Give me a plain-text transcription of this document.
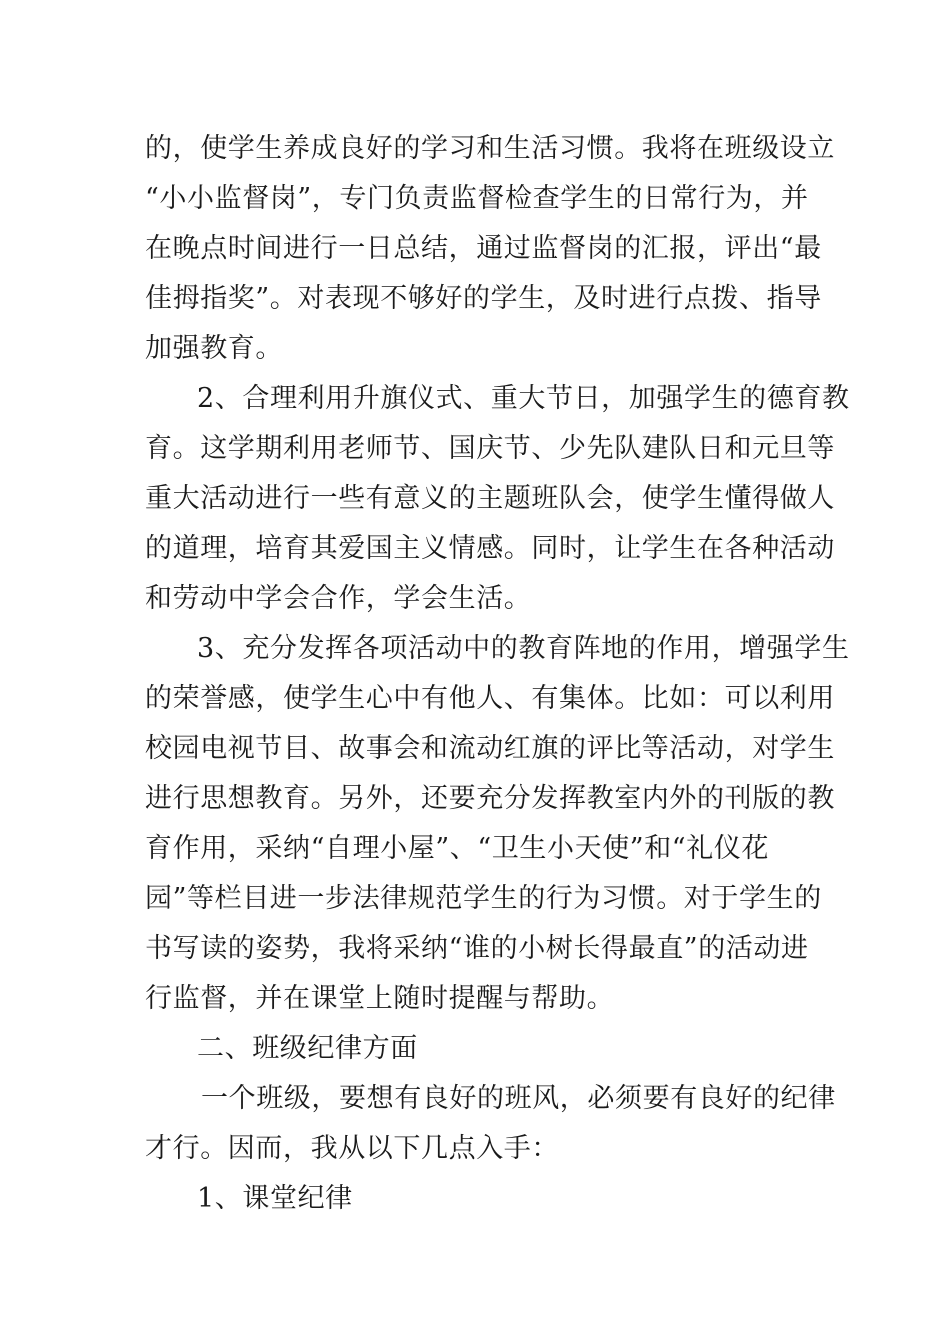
的，使学生养成良好的学习和生活习惯。我将在班级设立
“小小监督岗”，专门负责监督检查学生的日常行为，并
在晚点时间进行一日总结，通过监督岗的汇报，评出“最
佳拇指奖”。对表现不够好的学生，及时进行点拨、指导
加强教育。
2、合理利用升旗仪式、重大节日，加强学生的德育教
育。这学期利用老师节、国庆节、少先队建队日和元旦等
重大活动进行一些有意义的主题班队会，使学生懂得做人
的道理，培育其爱国主义情感。同时，让学生在各种活动
和劳动中学会合作，学会生活。
3、充分发挥各项活动中的教育阵地的作用，增强学生
的荣誉感，使学生心中有他人、有集体。比如：可以利用
校园电视节目、故事会和流动红旗的评比等活动，对学生
进行思想教育。另外，还要充分发挥教室内外的刊版的教
育作用，采纳“自理小屋”、“卫生小天使”和“礼仪花
园”等栏目进一步法律规范学生的行为习惯。对于学生的
书写读的姿势，我将采纳“谁的小树长得最直”的活动进
行监督，并在课堂上随时提醒与帮助。
二、班级纪律方面
一个班级，要想有良好的班风，必须要有良好的纪律
才行。因而，我从以下几点入手：
1、课堂纪律
